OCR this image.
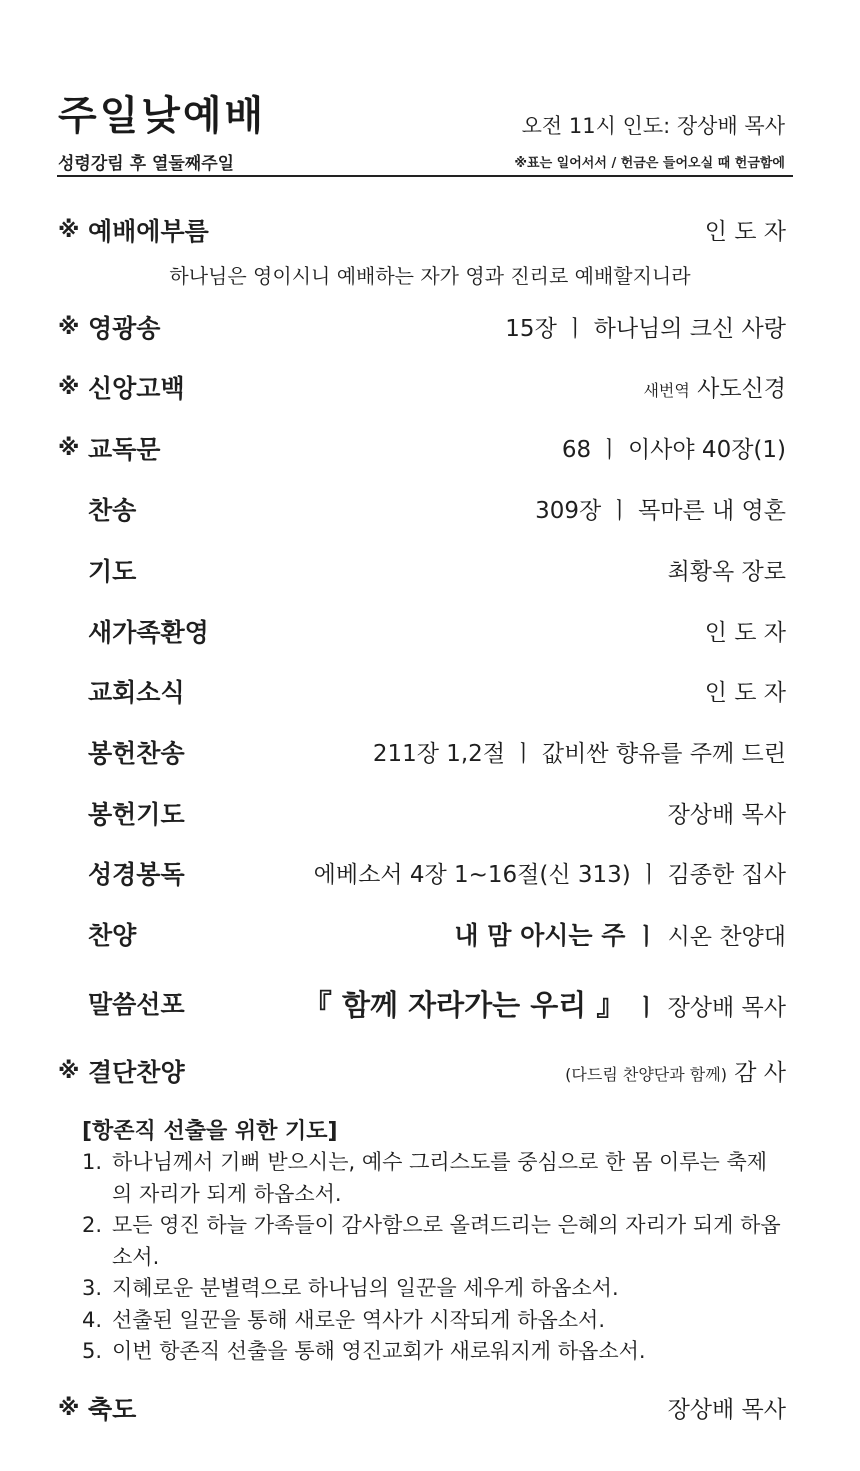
주일낮예배	오전 11시 인도: 장상배 목사
성령강림 후 열둘째주일	※표는 일어서서 / 헌금은 들어오실 때 헌금함에
※ 예배에부름	인 도 자
하나님은 영이시니 예배하는 자가 영과 진리로 예배할지니라
※ 영광송	15장 ㅣ 하나님의 크신 사랑
※ 신앙고백	새번역 사도신경
※ 교독문	68 ㅣ 이사야 40장(1)
찬송	309장 ㅣ 목마른 내 영혼
기도	최황옥 장로
새가족환영	인 도 자
교회소식	인 도 자
봉헌찬송	211장 1,2절 ㅣ 값비싼 향유를 주께 드린
봉헌기도	장상배 목사
성경봉독	에베소서 4장 1~16절(신 313) ㅣ 김종한 집사
찬양	내 맘 아시는 주 ㅣ 시온 찬양대
말씀선포	『 함께 자라가는 우리 』 ㅣ 장상배 목사
※ 결단찬양	(다드림 찬양단과 함께) 감 사
[항존직 선출을 위한 기도]
1. 하나님께서 기뻐 받으시는, 예수 그리스도를 중심으로 한 몸 이루는 축제의 자리가 되게 하옵소서.
2. 모든 영진 하늘 가족들이 감사함으로 올려드리는 은혜의 자리가 되게 하옵소서.
3. 지혜로운 분별력으로 하나님의 일꾼을 세우게 하옵소서.
4. 선출된 일꾼을 통해 새로운 역사가 시작되게 하옵소서.
5. 이번 항존직 선출을 통해 영진교회가 새로워지게 하옵소서.
※ 축도	장상배 목사
